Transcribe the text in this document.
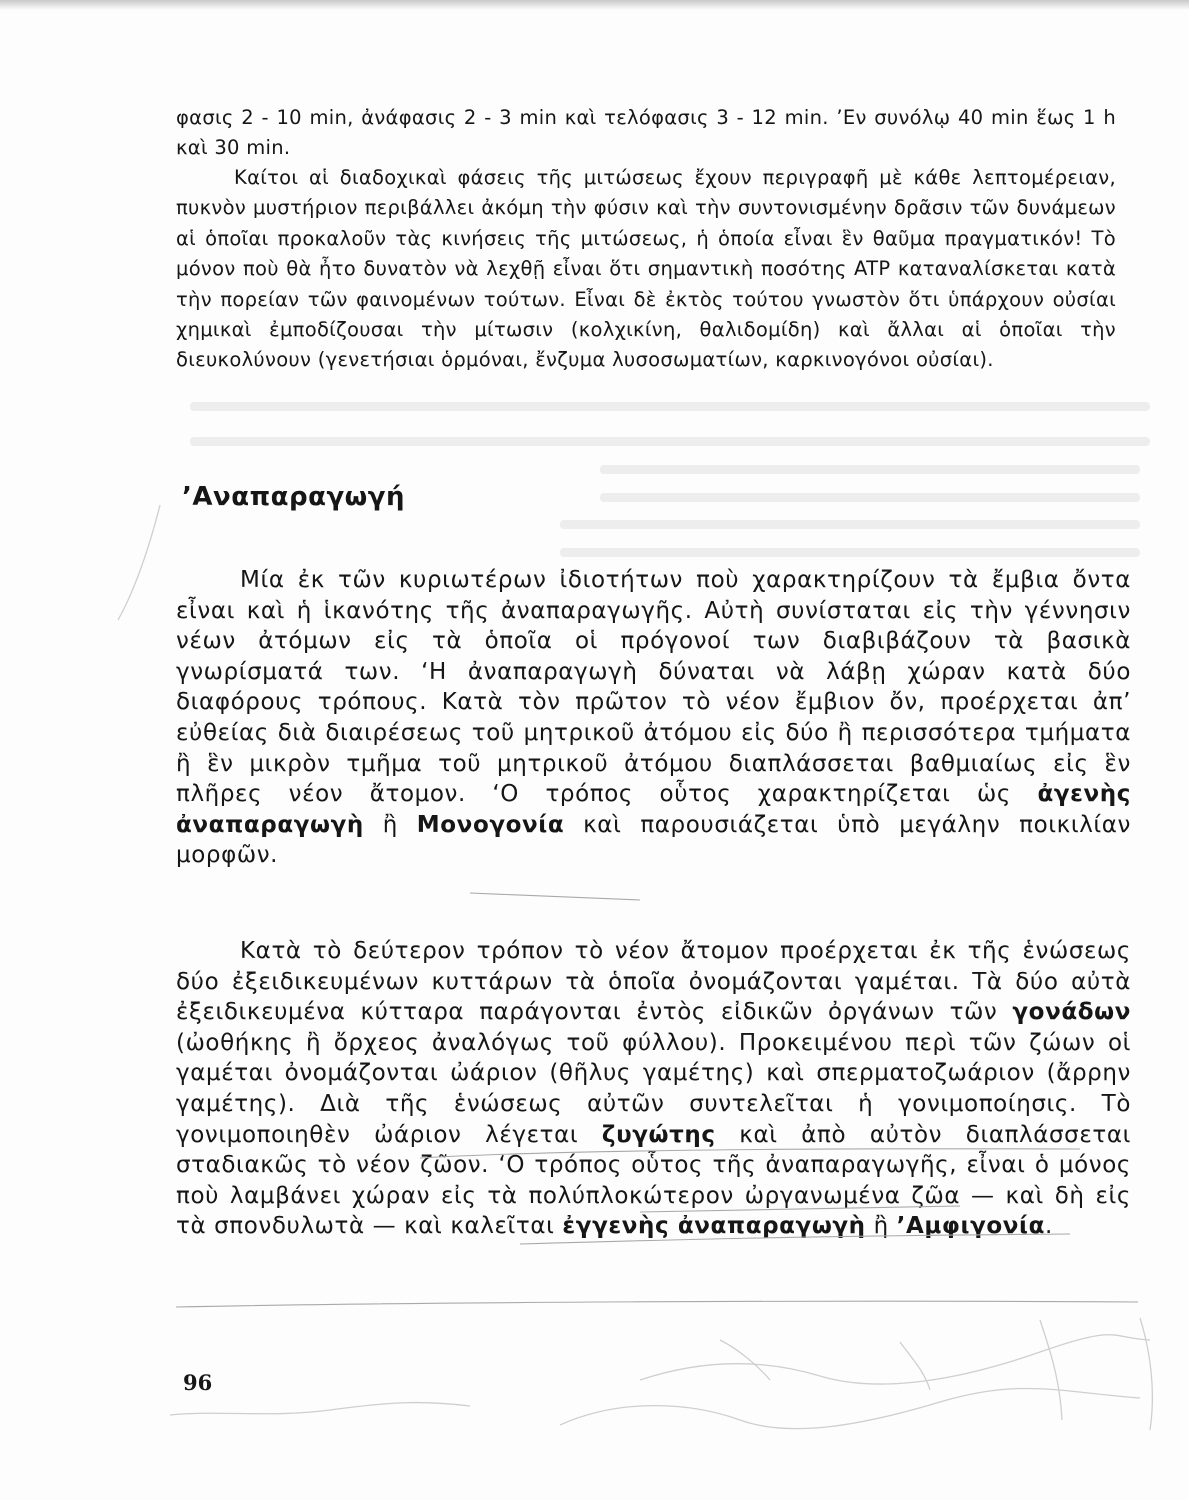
φασις 2 - 10 min, ἀνάφασις 2 - 3 min καὶ τελόφασις 3 - 12 min. ’Εν συνόλῳ 40 min ἕως 1 h καὶ 30 min.

Καίτοι αἱ διαδοχικαὶ φάσεις τῆς μιτώσεως ἔχουν περιγραφῆ μὲ κάθε λεπτομέρειαν, πυκνὸν μυστήριον περιβάλλει ἀκόμη τὴν φύσιν καὶ τὴν συντονισμένην δρᾶσιν τῶν δυνάμεων αἱ ὁποῖαι προκαλοῦν τὰς κινήσεις τῆς μιτώσεως, ἡ ὁποία εἶναι ἓν θαῦμα πραγματικόν! Τὸ μόνον ποὺ θὰ ἦτο δυνατὸν νὰ λεχθῇ εἶναι ὅτι σημαντικὴ ποσότης ATP καταναλίσκεται κατὰ τὴν πορείαν τῶν φαινομένων τούτων. Εἶναι δὲ ἐκτὸς τούτου γνωστὸν ὅτι ὑπάρχουν οὐσίαι χημικαὶ ἐμποδίζουσαι τὴν μίτωσιν (κολχικίνη, θαλιδομίδη) καὶ ἄλλαι αἱ ὁποῖαι τὴν διευκολύνουν (γενετήσιαι ὁρμόναι, ἔνζυμα λυσοσωματίων, καρκινογόνοι οὐσίαι).

’Αναπαραγωγή

Μία ἐκ τῶν κυριωτέρων ἰδιοτήτων ποὺ χαρακτηρίζουν τὰ ἔμβια ὄντα εἶναι καὶ ἡ ἱκανότης τῆς ἀναπαραγωγῆς. Αὐτὴ συνίσταται εἰς τὴν γέννησιν νέων ἀτόμων εἰς τὰ ὁποῖα οἱ πρόγονοί των διαβιβάζουν τὰ βασικὰ γνωρίσματά των. ‘Η ἀναπαραγωγὴ δύναται νὰ λάβῃ χώραν κατὰ δύο διαφόρους τρόπους. Κατὰ τὸν πρῶτον τὸ νέον ἔμβιον ὄν, προέρχεται ἀπ’ εὐθείας διὰ διαιρέσεως τοῦ μητρικοῦ ἀτόμου εἰς δύο ἢ περισσότερα τμήματα ἢ ἓν μικρὸν τμῆμα τοῦ μητρικοῦ ἀτόμου διαπλάσσεται βαθμιαίως εἰς ἓν πλῆρες νέον ἄτομον. ‘Ο τρόπος οὗτος χαρακτηρίζεται ὡς ἀγενὴς ἀναπαραγωγὴ ἢ Μονογονία καὶ παρουσιάζεται ὑπὸ μεγάλην ποικιλίαν μορφῶν.

Κατὰ τὸ δεύτερον τρόπον τὸ νέον ἄτομον προέρχεται ἐκ τῆς ἑνώσεως δύο ἐξειδικευμένων κυττάρων τὰ ὁποῖα ὀνομάζονται γαμέται. Τὰ δύο αὐτὰ ἐξειδικευμένα κύτταρα παράγονται ἐντὸς εἰδικῶν ὀργάνων τῶν γονάδων (ὠοθήκης ἢ ὄρχεος ἀναλόγως τοῦ φύλλου). Προκειμένου περὶ τῶν ζώων οἱ γαμέται ὀνομάζονται ὠάριον (θῆλυς γαμέτης) καὶ σπερματοζωάριον (ἄρρην γαμέτης). Διὰ τῆς ἑνώσεως αὐτῶν συντελεῖται ἡ γονιμοποίησις. Τὸ γονιμοποιηθὲν ὠάριον λέγεται ζυγώτης καὶ ἀπὸ αὐτὸν διαπλάσσεται σταδιακῶς τὸ νέον ζῶον. ‘Ο τρόπος οὗτος τῆς ἀναπαραγωγῆς, εἶναι ὁ μόνος ποὺ λαμβάνει χώραν εἰς τὰ πολύπλοκώτερον ὠργανωμένα ζῶα — καὶ δὴ εἰς τὰ σπονδυλωτὰ — καὶ καλεῖται ἐγγενὴς ἀναπαραγωγὴ ἢ ’Αμφιγονία.

96
